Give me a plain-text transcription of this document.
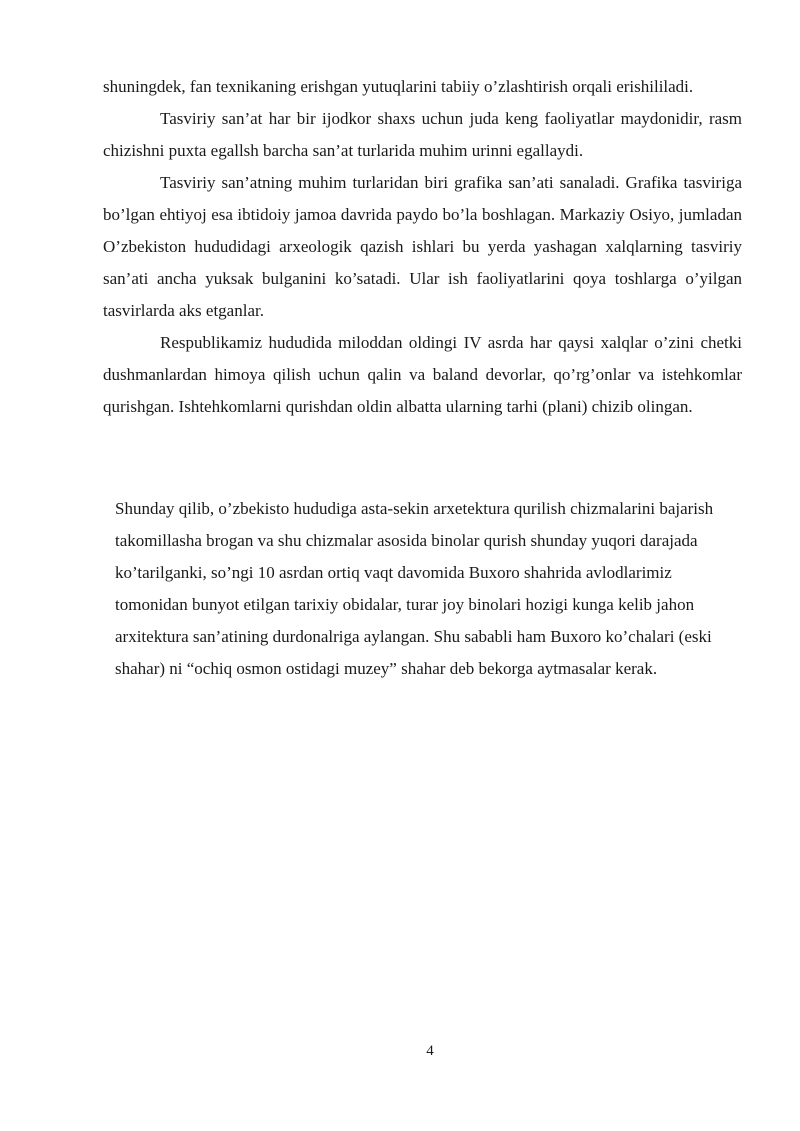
shuningdek, fan texnikaning erishgan yutuqlarini tabiiy o’zlashtirish orqali erishililadi.

Tasviriy san’at har bir ijodkor shaxs uchun juda keng faoliyatlar maydonidir, rasm chizishni puxta egallsh barcha san’at turlarida muhim urinni egallaydi.

Tasviriy san’atning muhim turlaridan biri grafika san’ati sanaladi. Grafika tasviriga bo’lgan ehtiyoj esa ibtidoiy jamoa davrida paydo bo’la boshlagan. Markaziy Osiyo, jumladan O’zbekiston hududidagi arxeologik qazish ishlari bu yerda yashagan xalqlarning tasviriy san’ati ancha yuksak bulganini ko’satadi. Ular ish faoliyatlarini qoya toshlarga o’yilgan tasvirlarda aks etganlar.

Respublikamiz hududida miloddan oldingi IV asrda har qaysi xalqlar o’zini chetki dushmanlardan himoya qilish uchun qalin va baland devorlar, qo’rg’onlar va istehkomlar qurishgan. Ishtehkomlarni qurishdan oldin albatta ularning tarhi (plani) chizib olingan.

Shunday qilib, o’zbekisto hududiga asta-sekin arxetektura qurilish chizmalarini bajarish takomillasha brogan va shu chizmalar asosida binolar qurish shunday yuqori darajada ko’tarilganki, so’ngi 10 asrdan ortiq vaqt davomida Buxoro shahrida avlodlarimiz tomonidan bunyot etilgan tarixiy obidalar, turar joy binolari hozigi kunga kelib jahon arxitektura san’atining durdonalriga aylangan. Shu sababli ham Buxoro ko’chalari (eski shahar) ni “ochiq osmon ostidagi muzey” shahar deb bekorga aytmasalar kerak.

4
